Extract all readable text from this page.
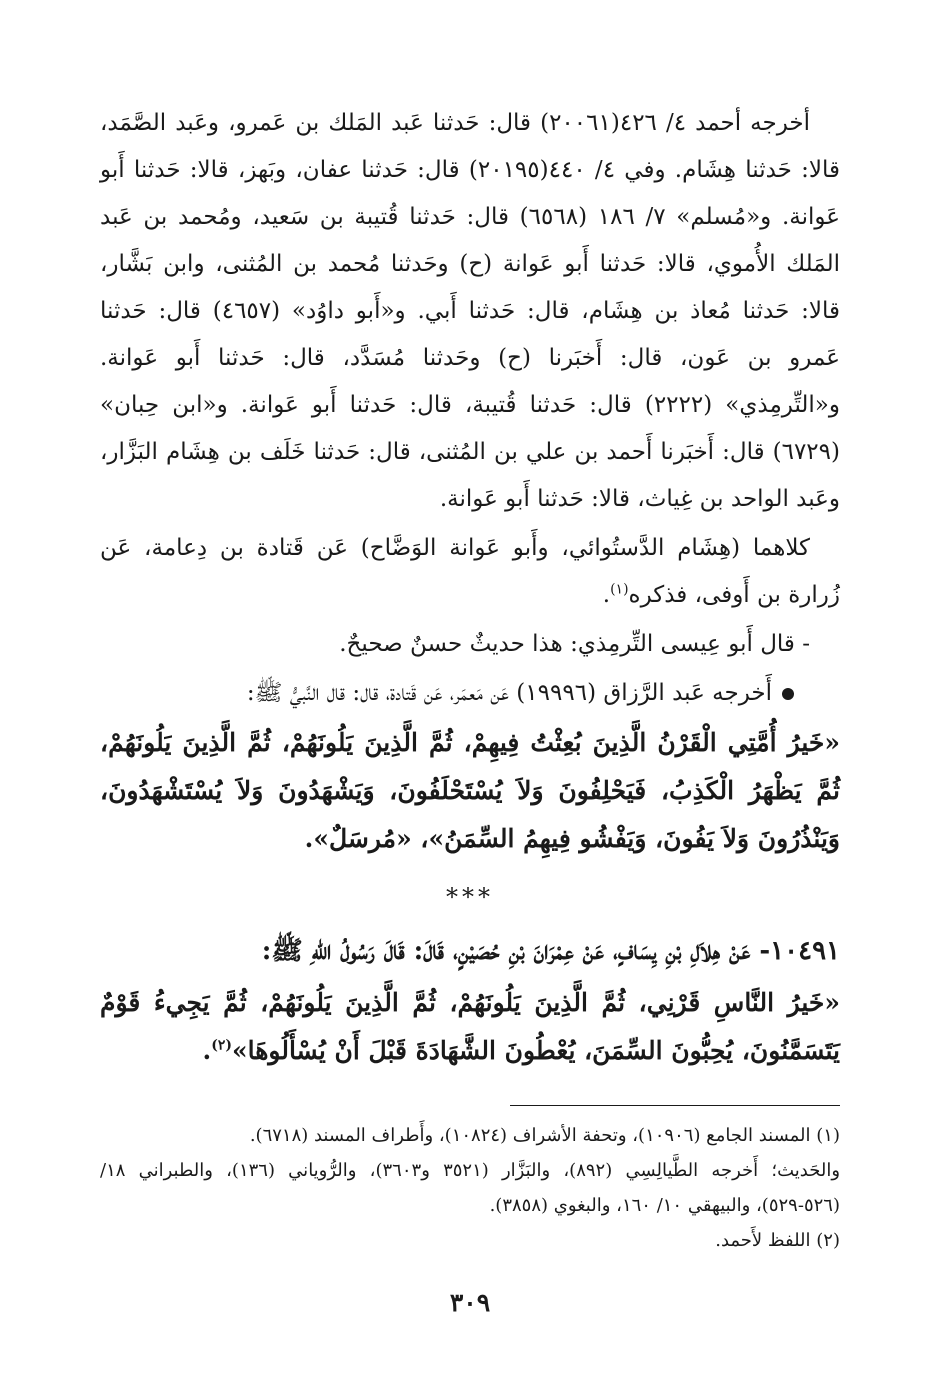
أخرجه أحمد ٤/ ٤٢٦(٢٠٠٦١) قال: حَدثنا عَبد المَلك بن عَمرو، وعَبد الصَّمَد، قالا: حَدثنا هِشَام. وفي ٤/ ٤٤٠(٢٠١٩٥) قال: حَدثنا عفان، وبَهز، قالا: حَدثنا أَبو عَوانة. و«مُسلم» ٧/ ١٨٦ (٦٥٦٨) قال: حَدثنا قُتيبة بن سَعيد، ومُحمد بن عَبد المَلك الأُموي، قالا: حَدثنا أَبو عَوانة (ح) وحَدثنا مُحمد بن المُثنى، وابن بَشَّار، قالا: حَدثنا مُعاذ بن هِشَام، قال: حَدثنا أَبي. و«أَبو داوُد» (٤٦٥٧) قال: حَدثنا عَمرو بن عَون، قال: أَخبَرنا (ح) وحَدثنا مُسَدَّد، قال: حَدثنا أَبو عَوانة. و«التِّرمِذي» (٢٢٢٢) قال: حَدثنا قُتيبة، قال: حَدثنا أَبو عَوانة. و«ابن حِبان» (٦٧٢٩) قال: أَخبَرنا أَحمد بن علي بن المُثنى، قال: حَدثنا خَلَف بن هِشَام البَزَّار، وعَبد الواحد بن غِياث، قالا: حَدثنا أَبو عَوانة.

كلاهما (هِشَام الدَّستُوائي، وأَبو عَوانة الوَضَّاح) عَن قَتادة بن دِعامة، عَن زُرارة بن أَوفى، فذكره$^{(١)}$.

- قال أَبو عِيسى التِّرمِذي: هذا حديثٌ حسنٌ صحيحٌ.

أَخرجه عَبد الرَّزاق (١٩٩٩٦) عَن مَعمَر، عَن قَتادة، قال: قال النَّبيُّ ﷺ:

«خَيرُ أُمَّتِي الْقَرْنُ الَّذِينَ بُعِثْتُ فِيهِمْ، ثُمَّ الَّذِينَ يَلُونَهُمْ، ثُمَّ الَّذِينَ يَلُونَهُمْ، ثُمَّ يَظْهَرُ الْكَذِبُ، فَيَحْلِفُونَ وَلاَ يُسْتَحْلَفُونَ، وَيَشْهَدُونَ وَلاَ يُسْتَشْهَدُونَ، وَيَنْذُرُونَ وَلاَ يَفُونَ، وَيَفْشُو فِيهِمُ السِّمَنُ»، «مُرسَلٌ».

***

١٠٤٩١- عَنْ هِلاَلِ بْنِ يِسَافٍ، عَنْ عِمْرَانَ بْنِ حُصَيْنٍ، قَالَ: قَالَ رَسُولُ اللهِ ﷺ:

«خَيرُ النَّاسِ قَرْنِي، ثُمَّ الَّذِينَ يَلُونَهُمْ، ثُمَّ الَّذِينَ يَلُونَهُمْ، ثُمَّ يَجِيءُ قَوْمٌ يَتَسَمَّنُونَ، يُحِبُّونَ السِّمَنَ، يُعْطُونَ الشَّهَادَةَ قَبْلَ أَنْ يُسْأَلُوهَا»$^{(٢)}$.

(١) المسند الجامع (١٠٩٠٦)، وتحفة الأشراف (١٠٨٢٤)، وأَطراف المسند (٦٧١٨).

والحَديث؛ أَخرجه الطَّيالِسِي (٨٩٢)، والبَزَّار (٣٥٢١ و٣٦٠٣)، والرُّوياني (١٣٦)، والطبراني ١٨/ (٥٢٦-٥٢٩)، والبيهقي ١٠/ ١٦٠، والبغوي (٣٨٥٨).

(٢) اللفظ لأَحمد.

٣٠٩
